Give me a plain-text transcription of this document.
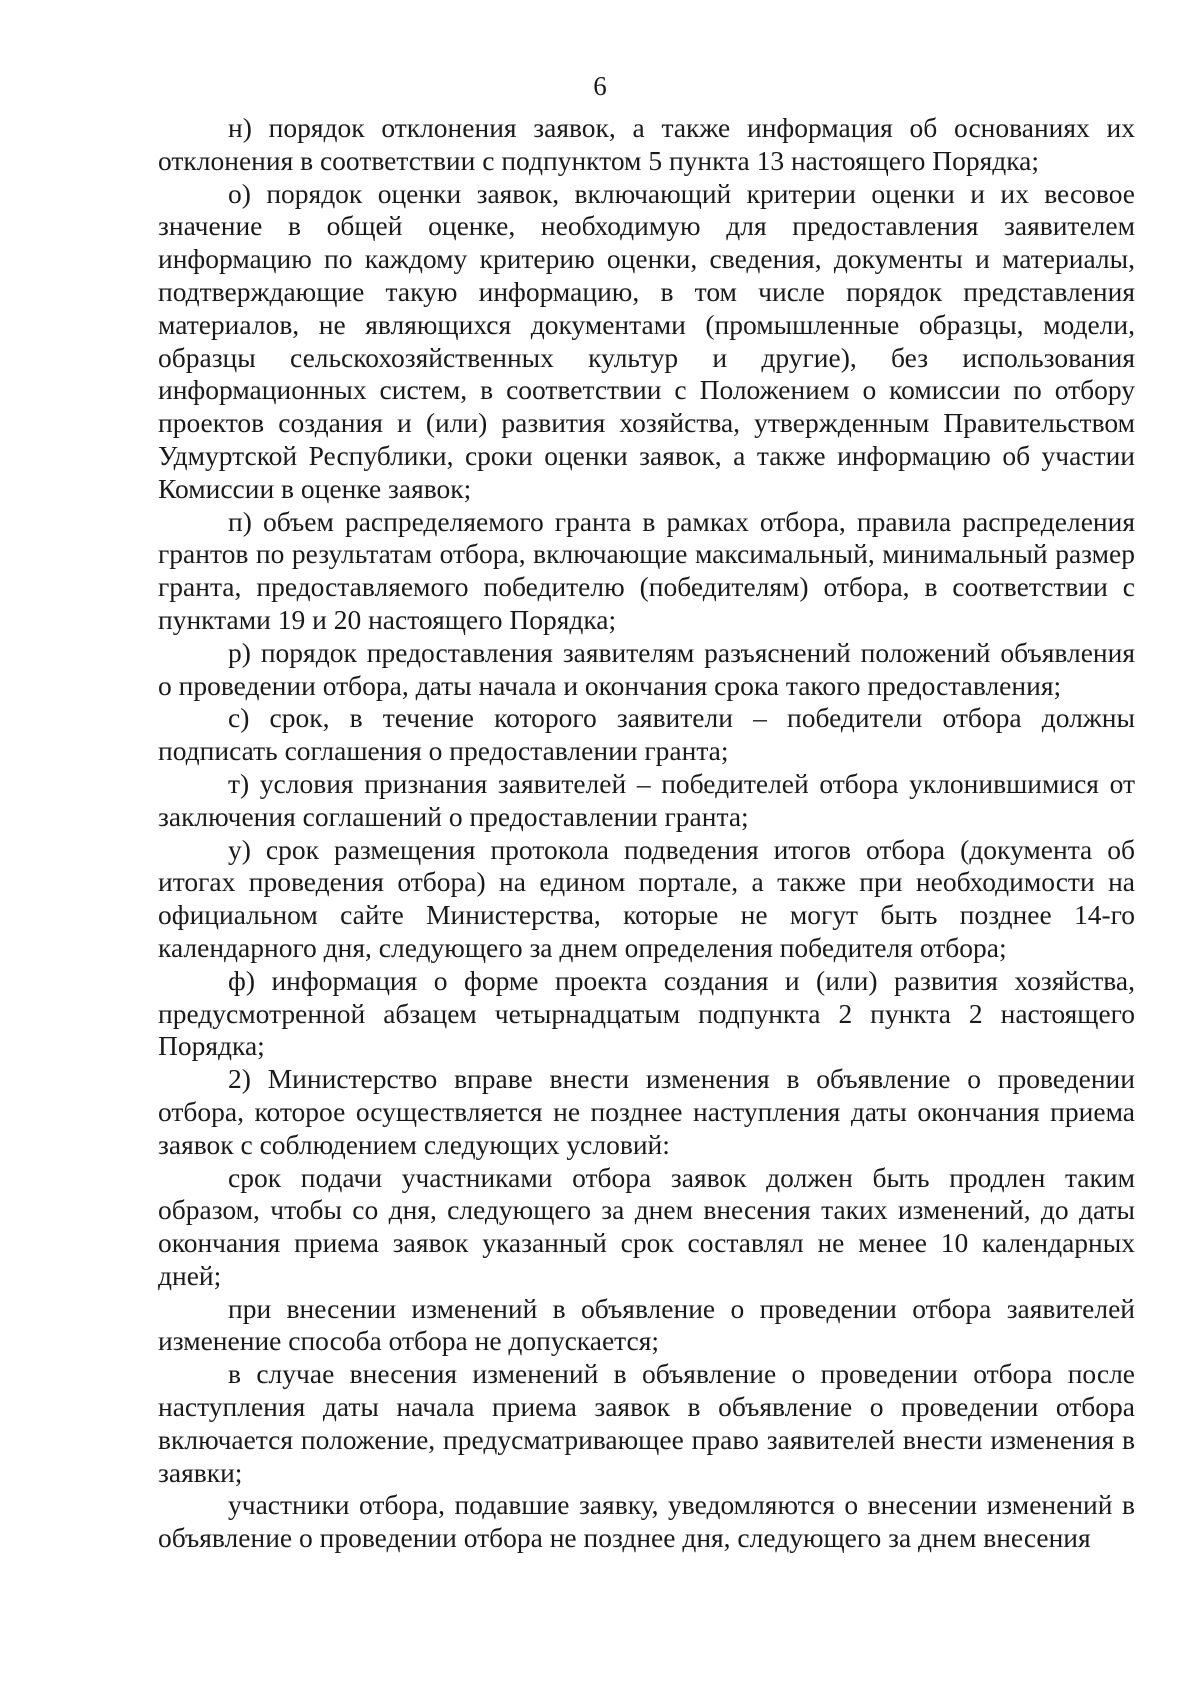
6

н) порядок отклонения заявок, а также информация об основаниях их отклонения в соответствии с подпунктом 5 пункта 13 настоящего Порядка;

о) порядок оценки заявок, включающий критерии оценки и их весовое значение в общей оценке, необходимую для предоставления заявителем информацию по каждому критерию оценки, сведения, документы и материалы, подтверждающие такую информацию, в том числе порядок представления материалов, не являющихся документами (промышленные образцы, модели, образцы сельскохозяйственных культур и другие), без использования информационных систем, в соответствии с Положением о комиссии по отбору проектов создания и (или) развития хозяйства, утвержденным Правительством Удмуртской Республики, сроки оценки заявок, а также информацию об участии Комиссии в оценке заявок;

п) объем распределяемого гранта в рамках отбора, правила распределения грантов по результатам отбора, включающие максимальный, минимальный размер гранта, предоставляемого победителю (победителям) отбора, в соответствии с пунктами 19 и 20 настоящего Порядка;

р) порядок предоставления заявителям разъяснений положений объявления о проведении отбора, даты начала и окончания срока такого предоставления;

с) срок, в течение которого заявители – победители отбора должны подписать соглашения о предоставлении гранта;

т) условия признания заявителей – победителей отбора уклонившимися от заключения соглашений о предоставлении гранта;

у) срок размещения протокола подведения итогов отбора (документа об итогах проведения отбора) на едином портале, а также при необходимости на официальном сайте Министерства, которые не могут быть позднее 14-го календарного дня, следующего за днем определения победителя отбора;

ф) информация о форме проекта создания и (или) развития хозяйства, предусмотренной абзацем четырнадцатым подпункта 2 пункта 2 настоящего Порядка;

2) Министерство вправе внести изменения в объявление о проведении отбора, которое осуществляется не позднее наступления даты окончания приема заявок с соблюдением следующих условий:

срок подачи участниками отбора заявок должен быть продлен таким образом, чтобы со дня, следующего за днем внесения таких изменений, до даты окончания приема заявок указанный срок составлял не менее 10 календарных дней;

при внесении изменений в объявление о проведении отбора заявителей изменение способа отбора не допускается;

в случае внесения изменений в объявление о проведении отбора после наступления даты начала приема заявок в объявление о проведении отбора включается положение, предусматривающее право заявителей внести изменения в заявки;

участники отбора, подавшие заявку, уведомляются о внесении изменений в объявление о проведении отбора не позднее дня, следующего за днем внесения
